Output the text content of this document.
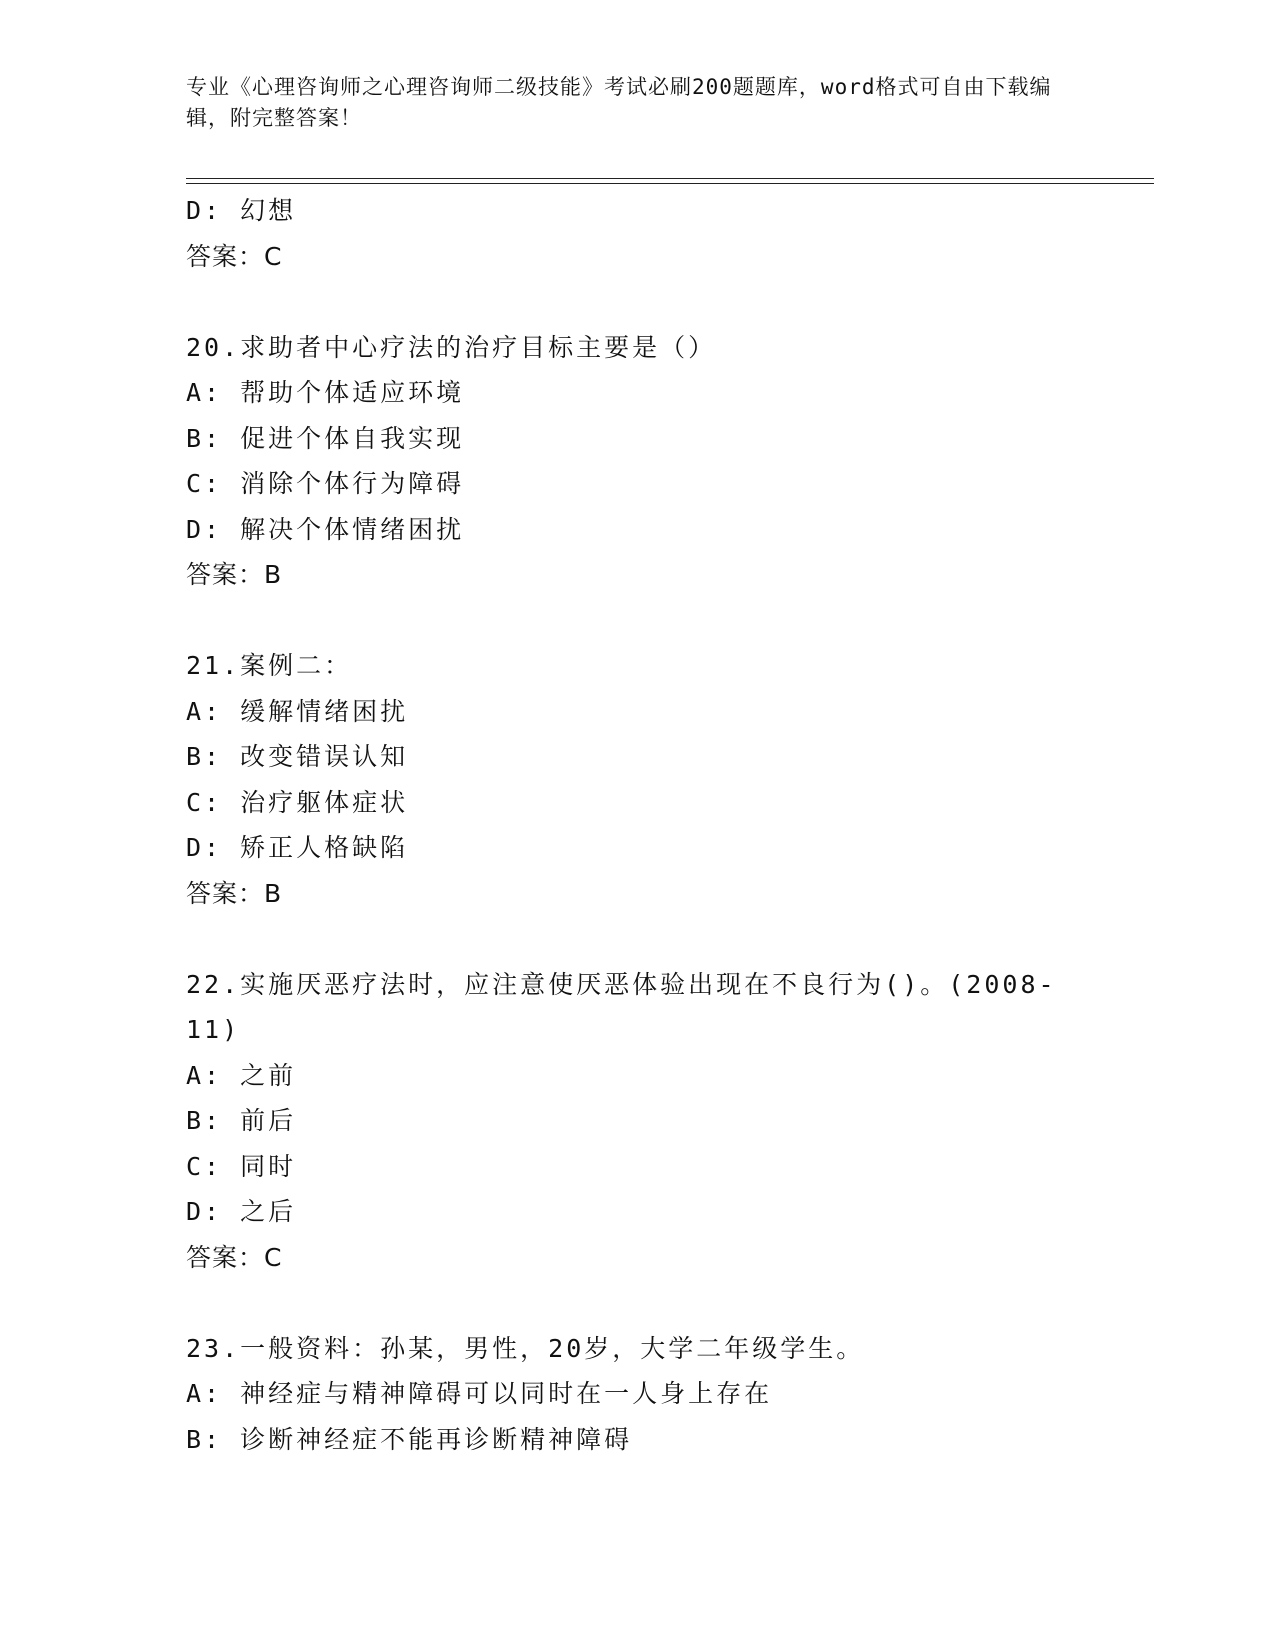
专业《心理咨询师之心理咨询师二级技能》考试必刷200题题库，word格式可自由下载编辑，附完整答案！
D: 幻想
答案：C
20.求助者中心疗法的治疗目标主要是（）
A: 帮助个体适应环境
B: 促进个体自我实现
C: 消除个体行为障碍
D: 解决个体情绪困扰
答案：B
21.案例二：
A: 缓解情绪困扰
B: 改变错误认知
C: 治疗躯体症状
D: 矫正人格缺陷
答案：B
22.实施厌恶疗法时，应注意使厌恶体验出现在不良行为()。(2008-
11)
A: 之前
B: 前后
C: 同时
D: 之后
答案：C
23.一般资料：孙某，男性，20岁，大学二年级学生。
A: 神经症与精神障碍可以同时在一人身上存在
B: 诊断神经症不能再诊断精神障碍
